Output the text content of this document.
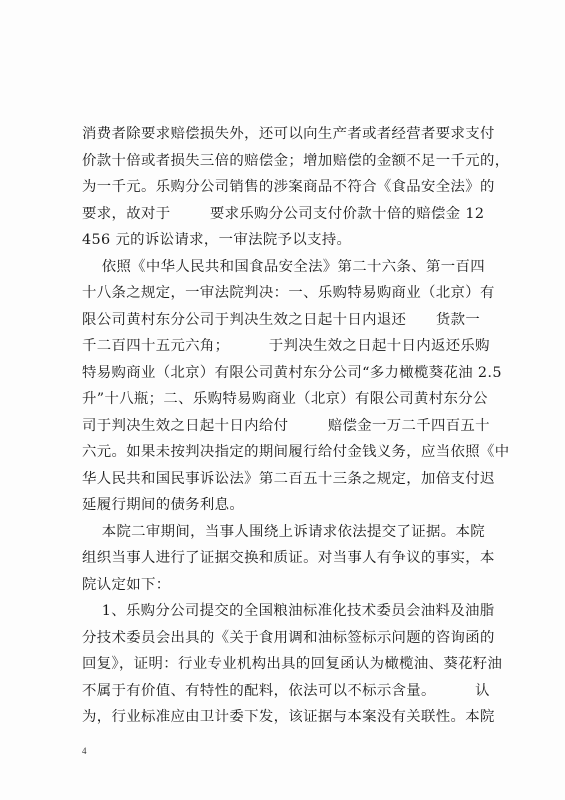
消费者除要求赔偿损失外，还可以向生产者或者经营者要求支付
价款十倍或者损失三倍的赔偿金；增加赔偿的金额不足一千元的，
为一千元。乐购分公司销售的涉案商品不符合《食品安全法》的
要求，故对于        要求乐购分公司支付价款十倍的赔偿金 12
456 元的诉讼请求，一审法院予以支持。
依照《中华人民共和国食品安全法》第二十六条、第一百四
十八条之规定，一审法院判决：一、乐购特易购商业（北京）有
限公司黄村东分公司于判决生效之日起十日内退还      货款一
千二百四十五元六角；        于判决生效之日起十日内返还乐购
特易购商业（北京）有限公司黄村东分公司“多力橄榄葵花油 2.5
升”十八瓶；二、乐购特易购商业（北京）有限公司黄村东分公
司于判决生效之日起十日内给付        赔偿金一万二千四百五十
六元。如果未按判决指定的期间履行给付金钱义务，应当依照《中
华人民共和国民事诉讼法》第二百五十三条之规定，加倍支付迟
延履行期间的债务利息。
本院二审期间，当事人围绕上诉请求依法提交了证据。本院
组织当事人进行了证据交换和质证。对当事人有争议的事实，本
院认定如下：
1、乐购分公司提交的全国粮油标准化技术委员会油料及油脂
分技术委员会出具的《关于食用调和油标签标示问题的咨询函的
回复》，证明：行业专业机构出具的回复函认为橄榄油、葵花籽油
不属于有价值、有特性的配料，依法可以不标示含量。        认
为，行业标准应由卫计委下发，该证据与本案没有关联性。本院
4
